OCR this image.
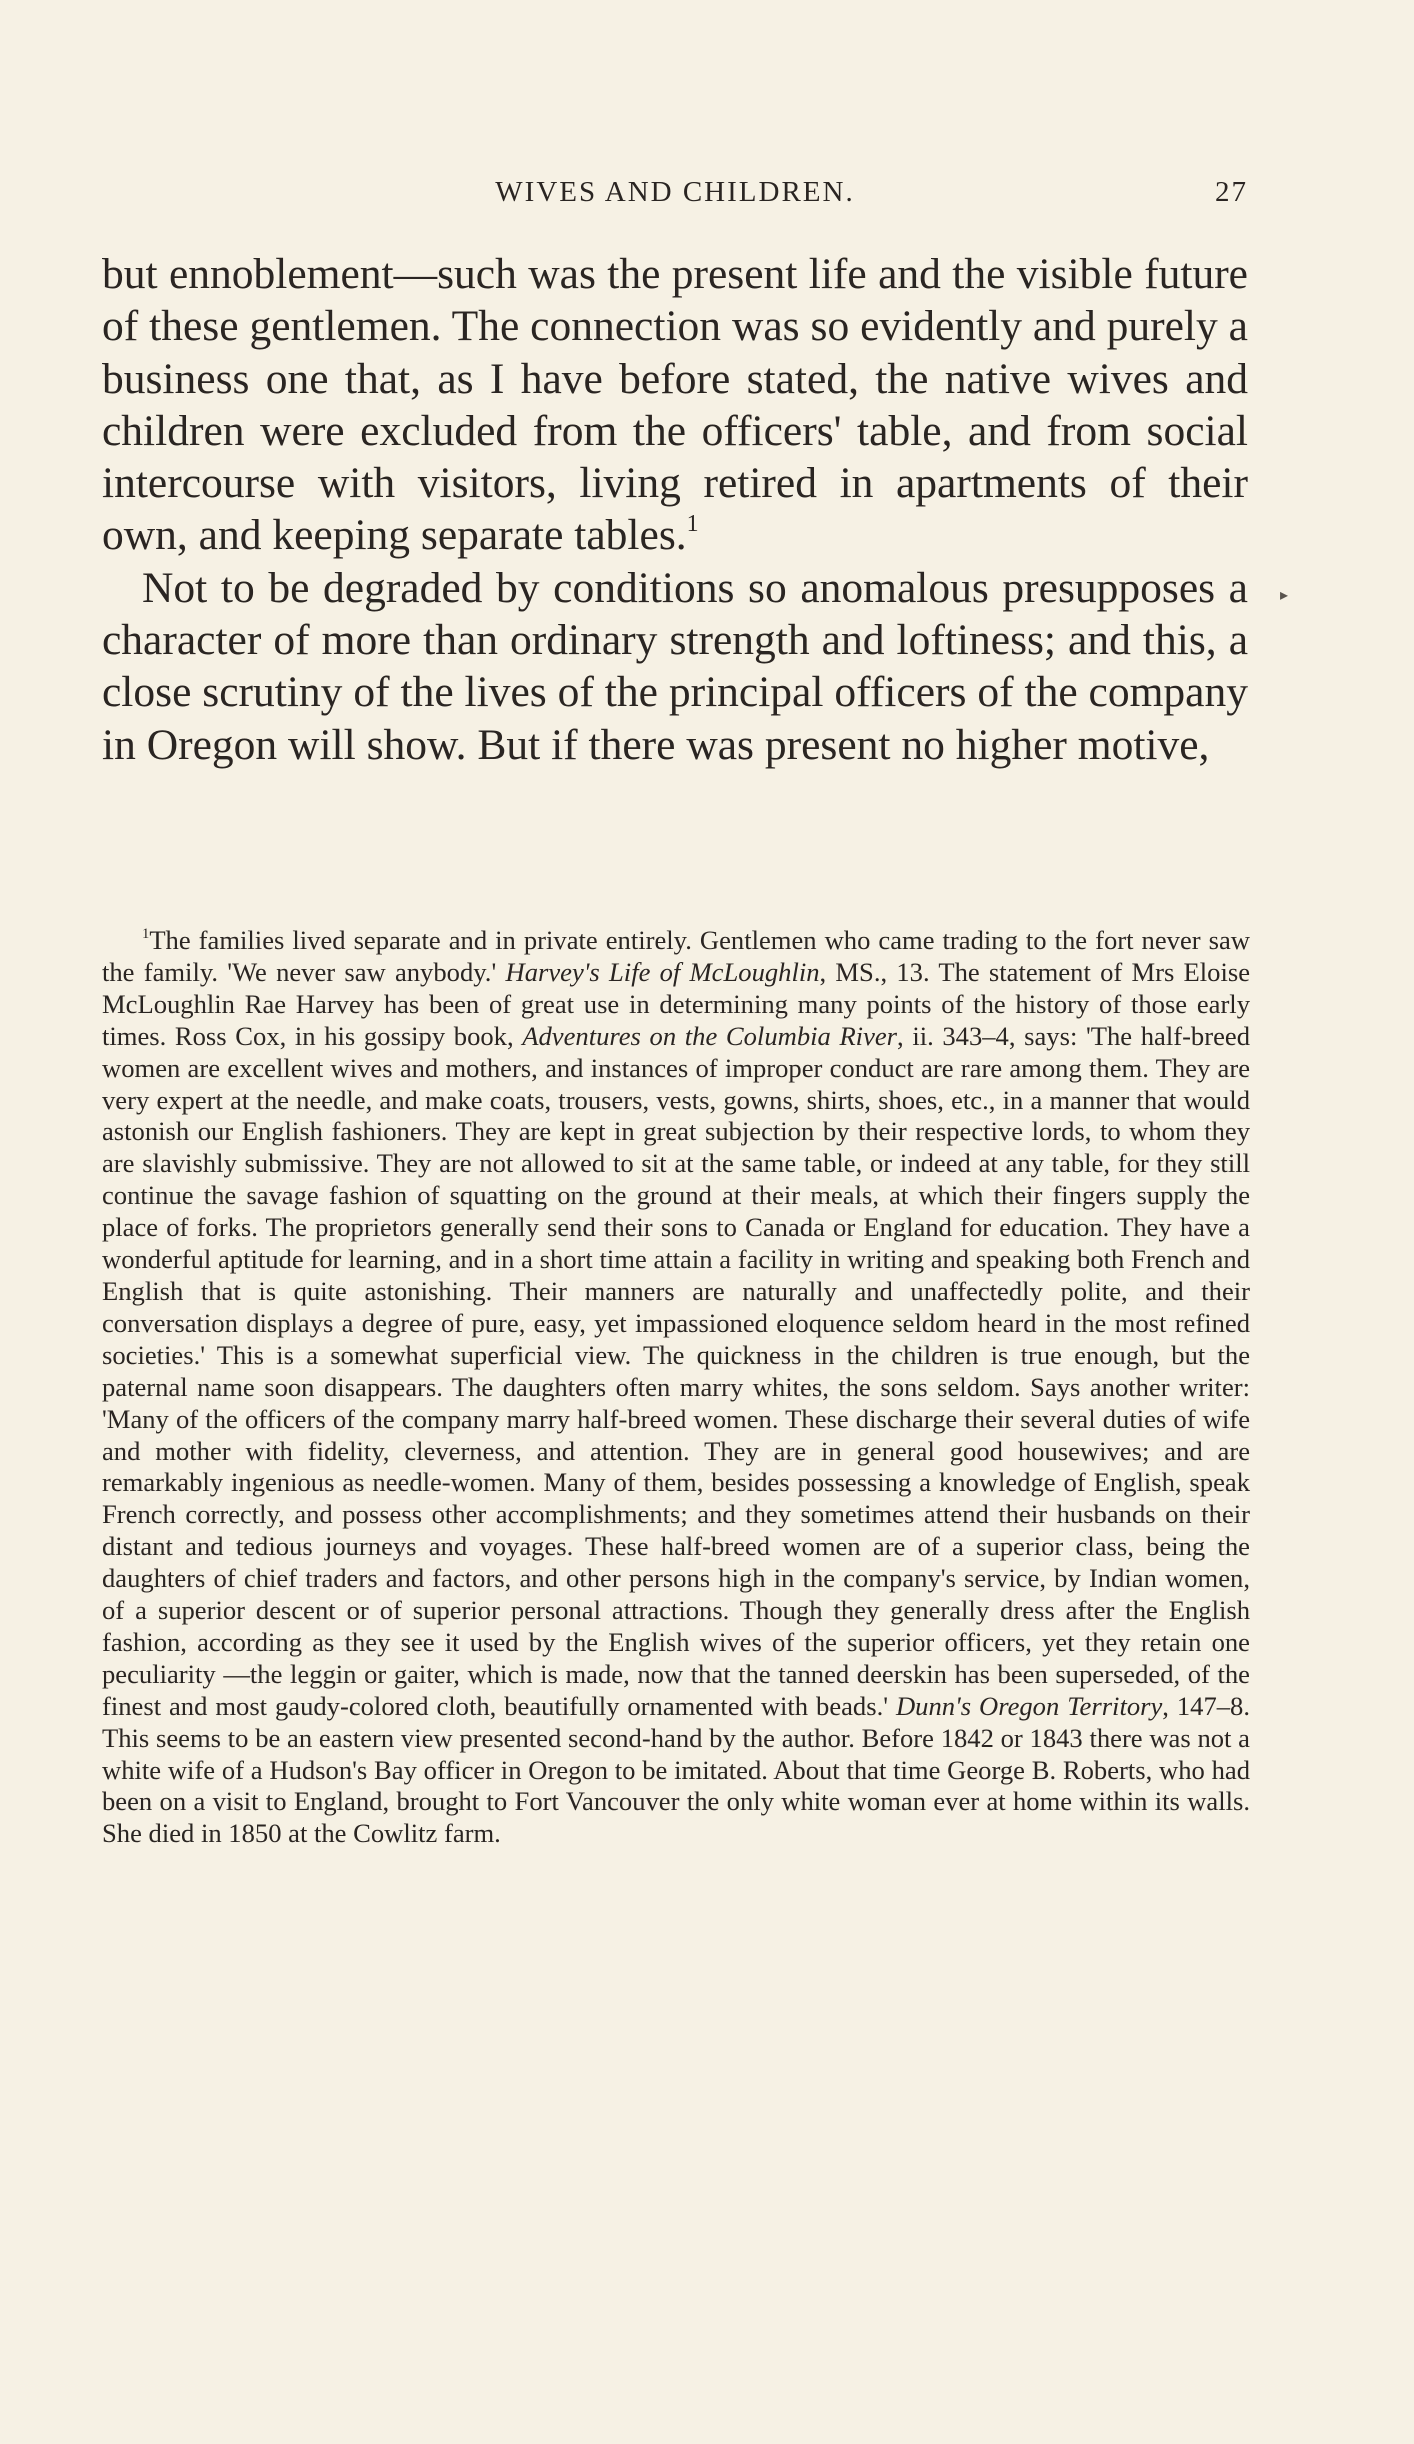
WIVES AND CHILDREN.	27

but ennoblement—such was the present life and the visible future of these gentlemen. The connection was so evidently and purely a business one that, as I have before stated, the native wives and children were excluded from the officers' table, and from social intercourse with visitors, living retired in apartments of their own, and keeping separate tables.$^1$

Not to be degraded by conditions so anomalous presupposes a character of more than ordinary strength and loftiness; and this, a close scrutiny of the lives of the principal officers of the company in Oregon will show. But if there was present no higher motive,

▸
$^1$The families lived separate and in private entirely. Gentlemen who came trading to the fort never saw the family. 'We never saw anybody.' Harvey's Life of McLoughlin, MS., 13. The statement of Mrs Eloise McLoughlin Rae Harvey has been of great use in determining many points of the history of those early times. Ross Cox, in his gossipy book, Adventures on the Columbia River, ii. 343–4, says: 'The half-breed women are excellent wives and mothers, and instances of improper conduct are rare among them. They are very expert at the needle, and make coats, trousers, vests, gowns, shirts, shoes, etc., in a manner that would astonish our English fashioners. They are kept in great subjection by their respective lords, to whom they are slavishly submissive. They are not allowed to sit at the same table, or indeed at any table, for they still continue the savage fashion of squatting on the ground at their meals, at which their fingers supply the place of forks. The proprietors generally send their sons to Canada or England for education. They have a wonderful aptitude for learning, and in a short time attain a facility in writing and speaking both French and English that is quite astonishing. Their manners are naturally and unaffectedly polite, and their conversation displays a degree of pure, easy, yet impassioned eloquence seldom heard in the most refined societies.' This is a somewhat superficial view. The quickness in the children is true enough, but the paternal name soon disappears. The daughters often marry whites, the sons seldom. Says another writer: 'Many of the officers of the company marry half-breed women. These discharge their several duties of wife and mother with fidelity, cleverness, and attention. They are in general good housewives; and are remarkably ingenious as needle-women. Many of them, besides possessing a knowledge of English, speak French correctly, and possess other accomplishments; and they sometimes attend their husbands on their distant and tedious journeys and voyages. These half-breed women are of a superior class, being the daughters of chief traders and factors, and other persons high in the company's service, by Indian women, of a superior descent or of superior personal attractions. Though they generally dress after the English fashion, according as they see it used by the English wives of the superior officers, yet they retain one peculiarity —the leggin or gaiter, which is made, now that the tanned deerskin has been superseded, of the finest and most gaudy-colored cloth, beautifully ornamented with beads.' Dunn's Oregon Territory, 147–8. This seems to be an eastern view presented second-hand by the author. Before 1842 or 1843 there was not a white wife of a Hudson's Bay officer in Oregon to be imitated. About that time George B. Roberts, who had been on a visit to England, brought to Fort Vancouver the only white woman ever at home within its walls. She died in 1850 at the Cowlitz farm.
